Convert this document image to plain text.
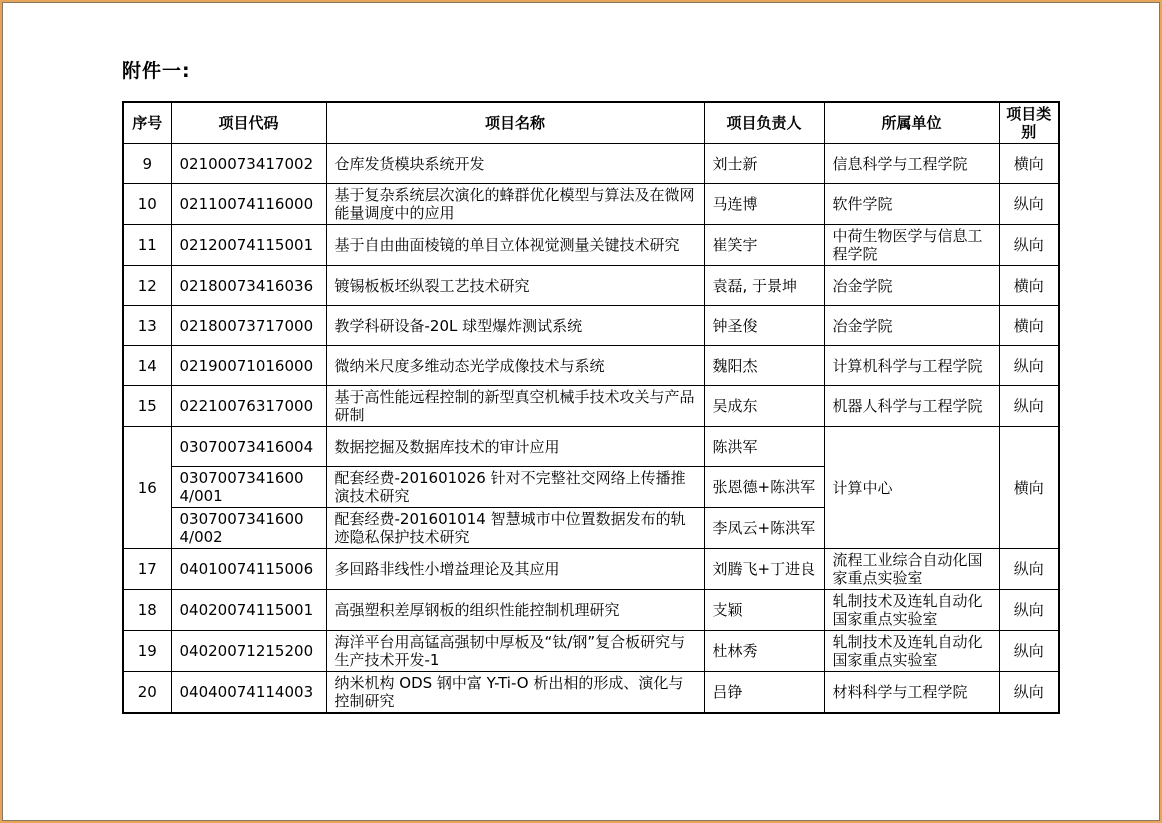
附件一:
序号	项目代码	项目名称	项目负责人	所属单位	项目类别
9	02100073417002	仓库发货模块系统开发	刘士新	信息科学与工程学院	横向
10	02110074116000	基于复杂系统层次演化的蜂群优化模型与算法及在微网能量调度中的应用	马连博	软件学院	纵向
11	02120074115001	基于自由曲面棱镜的单目立体视觉测量关键技术研究	崔笑宇	中荷生物医学与信息工程学院	纵向
12	02180073416036	镀锡板板坯纵裂工艺技术研究	袁磊, 于景坤	冶金学院	横向
13	02180073717000	教学科研设备-20L 球型爆炸测试系统	钟圣俊	冶金学院	横向
14	02190071016000	微纳米尺度多维动态光学成像技术与系统	魏阳杰	计算机科学与工程学院	纵向
15	02210076317000	基于高性能远程控制的新型真空机械手技术攻关与产品研制	吴成东	机器人科学与工程学院	纵向
16	03070073416004	数据挖掘及数据库技术的审计应用	陈洪军	计算中心	横向
	03070073416004/001	配套经费-201601026 针对不完整社交网络上传播推演技术研究	张恩德+陈洪军		
	03070073416004/002	配套经费-201601014 智慧城市中位置数据发布的轨迹隐私保护技术研究	李凤云+陈洪军		
17	04010074115006	多回路非线性小增益理论及其应用	刘腾飞+丁进良	流程工业综合自动化国家重点实验室	纵向
18	04020074115001	高强塑积差厚钢板的组织性能控制机理研究	支颖	轧制技术及连轧自动化国家重点实验室	纵向
19	04020071215200	海洋平台用高锰高强韧中厚板及“钛/钢”复合板研究与生产技术开发-1	杜林秀	轧制技术及连轧自动化国家重点实验室	纵向
20	04040074114003	纳米机构 ODS 钢中富 Y-Ti-O 析出相的形成、演化与控制研究	吕铮	材料科学与工程学院	纵向
